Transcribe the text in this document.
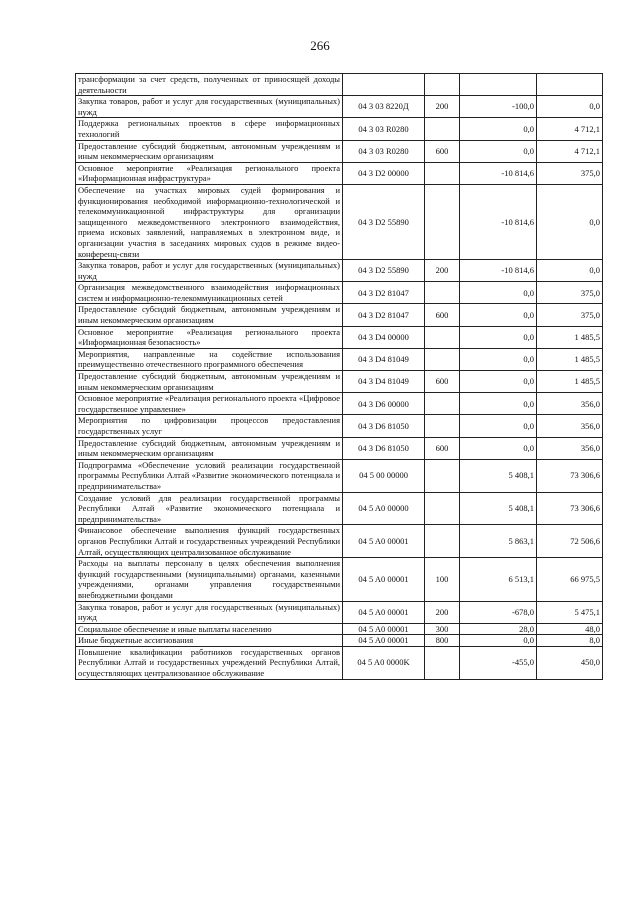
266
трансформации за счет средств, полученных от приносящей доходы деятельности				
Закупка товаров, работ и услуг для государственных (муниципальных) нужд	04 3 03 8220Д	200	-100,0	0,0
Поддержка региональных проектов в сфере информационных технологий	04 3 03 R0280		0,0	4 712,1
Предоставление субсидий бюджетным, автономным учреждениям и иным некоммерческим организациям	04 3 03 R0280	600	0,0	4 712,1
Основное мероприятие «Реализация регионального проекта «Информационная инфраструктура»	04 3 D2 00000		-10 814,6	375,0
Обеспечение на участках мировых судей формирования и функционирования необходимой информационно-технологической и телекоммуникационной инфраструктуры для организации защищенного межведомственного электронного взаимодействия, приема исковых заявлений, направляемых в электронном виде, и организации участия в заседаниях мировых судов в режиме видео-конференц-связи	04 3 D2 55890		-10 814,6	0,0
Закупка товаров, работ и услуг для государственных (муниципальных) нужд	04 3 D2 55890	200	-10 814,6	0,0
Организация межведомственного взаимодействия информационных систем и информационно-телекоммуникационных сетей	04 3 D2 81047		0,0	375,0
Предоставление субсидий бюджетным, автономным учреждениям и иным некоммерческим организациям	04 3 D2 81047	600	0,0	375,0
Основное мероприятие «Реализация регионального проекта «Информационная безопасность»	04 3 D4 00000		0,0	1 485,5
Мероприятия, направленные на содействие использования преимущественно отечественного программного обеспечения	04 3 D4 81049		0,0	1 485,5
Предоставление субсидий бюджетным, автономным учреждениям и иным некоммерческим организациям	04 3 D4 81049	600	0,0	1 485,5
Основное мероприятие «Реализация регионального проекта «Цифровое государственное управление»	04 3 D6 00000		0,0	356,0
Мероприятия по цифровизации процессов предоставления государственных услуг	04 3 D6 81050		0,0	356,0
Предоставление субсидий бюджетным, автономным учреждениям и иным некоммерческим организациям	04 3 D6 81050	600	0,0	356,0
Подпрограмма «Обеспечение условий реализации государственной программы Республики Алтай «Развитие экономического потенциала и предпринимательства»	04 5 00 00000		5 408,1	73 306,6
Создание условий для реализации государственной программы Республики Алтай «Развитие экономического потенциала и предпринимательства»	04 5 A0 00000		5 408,1	73 306,6
Финансовое обеспечение выполнения функций государственных органов Республики Алтай и государственных учреждений Республики Алтай, осуществляющих централизованное обслуживание	04 5 A0 00001		5 863,1	72 506,6
Расходы на выплаты персоналу в целях обеспечения выполнения функций государственными (муниципальными) органами, казенными учреждениями, органами управления государственными внебюджетными фондами	04 5 A0 00001	100	6 513,1	66 975,5
Закупка товаров, работ и услуг для государственных (муниципальных) нужд	04 5 A0 00001	200	-678,0	5 475,1
Социальное обеспечение и иные выплаты населению	04 5 A0 00001	300	28,0	48,0
Иные бюджетные ассигнования	04 5 A0 00001	800	0,0	8,0
Повышение квалификации работников государственных органов Республики Алтай и государственных учреждений Республики Алтай, осуществляющих централизованное обслуживание	04 5 A0 0000K		-455,0	450,0
